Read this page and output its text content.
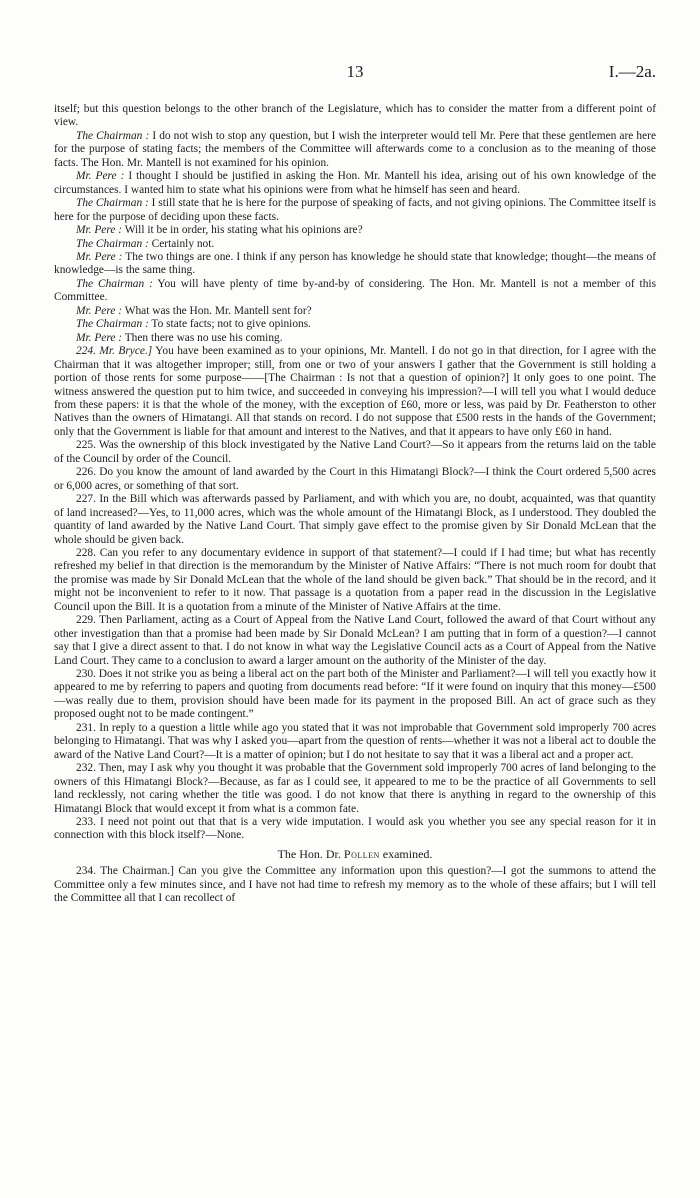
13	I.—2a.

itself; but this question belongs to the other branch of the Legislature, which has to consider the matter from a different point of view.

The Chairman : I do not wish to stop any question, but I wish the interpreter would tell Mr. Pere that these gentlemen are here for the purpose of stating facts; the members of the Committee will afterwards come to a conclusion as to the meaning of those facts. The Hon. Mr. Mantell is not examined for his opinion.

Mr. Pere : I thought I should be justified in asking the Hon. Mr. Mantell his idea, arising out of his own knowledge of the circumstances. I wanted him to state what his opinions were from what he himself has seen and heard.

The Chairman : I still state that he is here for the purpose of speaking of facts, and not giving opinions. The Committee itself is here for the purpose of deciding upon these facts.

Mr. Pere : Will it be in order, his stating what his opinions are?

The Chairman : Certainly not.

Mr. Pere : The two things are one. I think if any person has knowledge he should state that knowledge; thought—the means of knowledge—is the same thing.

The Chairman : You will have plenty of time by-and-by of considering. The Hon. Mr. Mantell is not a member of this Committee.

Mr. Pere : What was the Hon. Mr. Mantell sent for?

The Chairman : To state facts; not to give opinions.

Mr. Pere : Then there was no use his coming.

224. Mr. Bryce.] You have been examined as to your opinions, Mr. Mantell. I do not go in that direction, for I agree with the Chairman that it was altogether improper; still, from one or two of your answers I gather that the Government is still holding a portion of those rents for some purpose——[The Chairman : Is not that a question of opinion?] It only goes to one point. The witness answered the question put to him twice, and succeeded in conveying his impression?—I will tell you what I would deduce from these papers: it is that the whole of the money, with the exception of £60, more or less, was paid by Dr. Featherston to other Natives than the owners of Himatangi. All that stands on record. I do not suppose that £500 rests in the hands of the Government; only that the Government is liable for that amount and interest to the Natives, and that it appears to have only £60 in hand.

225. Was the ownership of this block investigated by the Native Land Court?—So it appears from the returns laid on the table of the Council by order of the Council.

226. Do you know the amount of land awarded by the Court in this Himatangi Block?—I think the Court ordered 5,500 acres or 6,000 acres, or something of that sort.

227. In the Bill which was afterwards passed by Parliament, and with which you are, no doubt, acquainted, was that quantity of land increased?—Yes, to 11,000 acres, which was the whole amount of the Himatangi Block, as I understood. They doubled the quantity of land awarded by the Native Land Court. That simply gave effect to the promise given by Sir Donald McLean that the whole should be given back.

228. Can you refer to any documentary evidence in support of that statement?—I could if I had time; but what has recently refreshed my belief in that direction is the memorandum by the Minister of Native Affairs: “There is not much room for doubt that the promise was made by Sir Donald McLean that the whole of the land should be given back.” That should be in the record, and it might not be inconvenient to refer to it now. That passage is a quotation from a paper read in the discussion in the Legislative Council upon the Bill. It is a quotation from a minute of the Minister of Native Affairs at the time.

229. Then Parliament, acting as a Court of Appeal from the Native Land Court, followed the award of that Court without any other investigation than that a promise had been made by Sir Donald McLean? I am putting that in form of a question?—I cannot say that I give a direct assent to that. I do not know in what way the Legislative Council acts as a Court of Appeal from the Native Land Court. They came to a conclusion to award a larger amount on the authority of the Minister of the day.

230. Does it not strike you as being a liberal act on the part both of the Minister and Parliament?—I will tell you exactly how it appeared to me by referring to papers and quoting from documents read before: “If it were found on inquiry that this money—£500—was really due to them, provision should have been made for its payment in the proposed Bill. An act of grace such as they proposed ought not to be made contingent.”

231. In reply to a question a little while ago you stated that it was not improbable that Government sold improperly 700 acres belonging to Himatangi. That was why I asked you—apart from the question of rents—whether it was not a liberal act to double the award of the Native Land Court?—It is a matter of opinion; but I do not hesitate to say that it was a liberal act and a proper act.

232. Then, may I ask why you thought it was probable that the Government sold improperly 700 acres of land belonging to the owners of this Himatangi Block?—Because, as far as I could see, it appeared to me to be the practice of all Governments to sell land recklessly, not caring whether the title was good. I do not know that there is anything in regard to the ownership of this Himatangi Block that would except it from what is a common fate.

233. I need not point out that that is a very wide imputation. I would ask you whether you see any special reason for it in connection with this block itself?—None.

The Hon. Dr. Pollen examined.

234. The Chairman.] Can you give the Committee any information upon this question?—I got the summons to attend the Committee only a few minutes since, and I have not had time to refresh my memory as to the whole of these affairs; but I will tell the Committee all that I can recollect of
